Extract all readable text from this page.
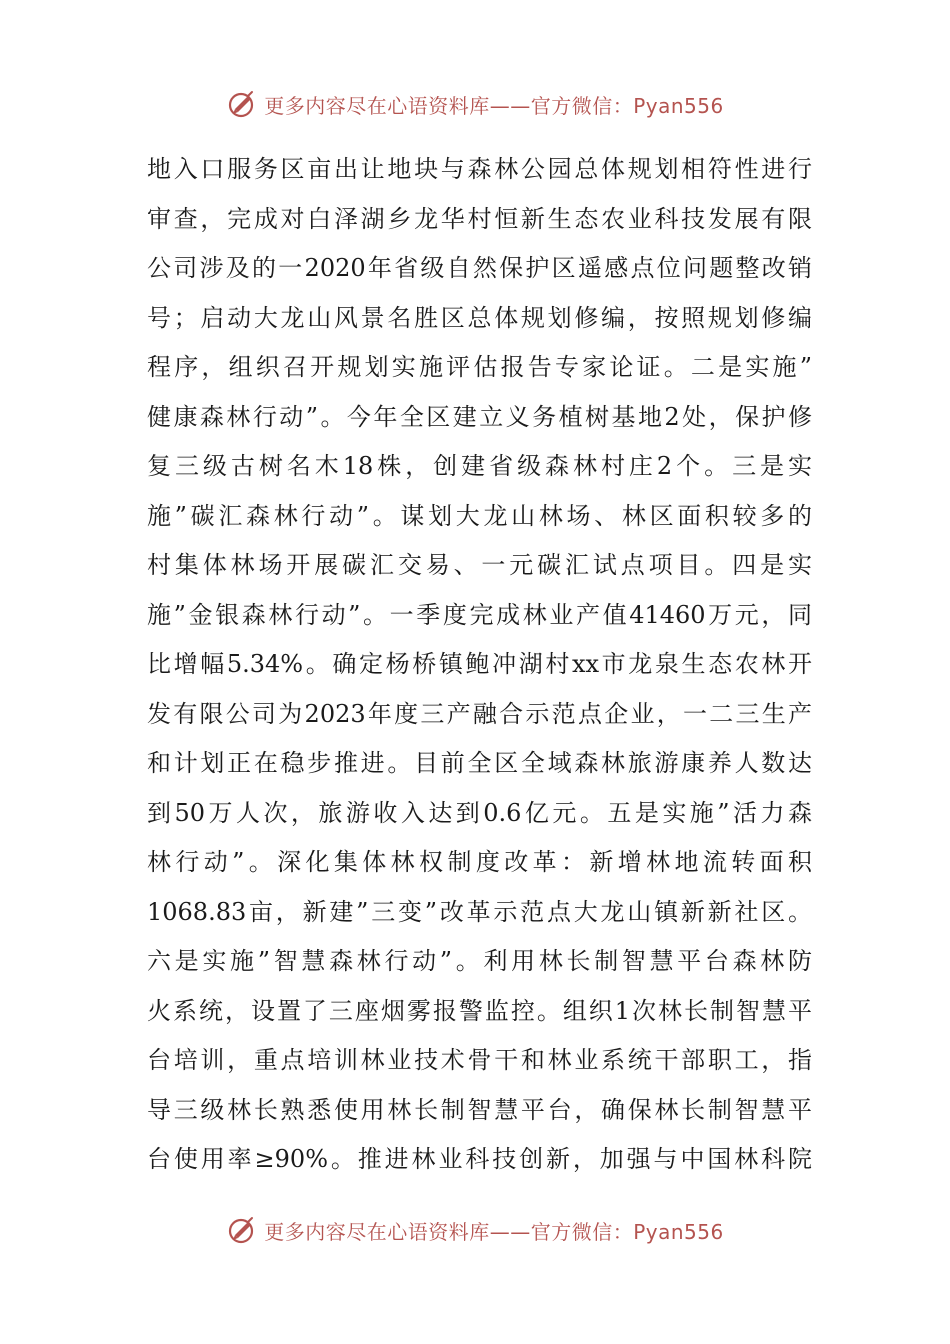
更多内容尽在心语资料库——官方微信：Pyan556
地入口服务区亩出让地块与森林公园总体规划相符性进行
审查，完成对白泽湖乡龙华村恒新生态农业科技发展有限
公司涉及的一2020年省级自然保护区遥感点位问题整改销
号；启动大龙山风景名胜区总体规划修编，按照规划修编
程序，组织召开规划实施评估报告专家论证。二是实施”
健康森林行动”。今年全区建立义务植树基地2处，保护修
复三级古树名木18株，创建省级森林村庄2个。三是实
施”碳汇森林行动”。谋划大龙山林场、林区面积较多的
村集体林场开展碳汇交易、一元碳汇试点项目。四是实
施”金银森林行动”。一季度完成林业产值41460万元，同
比增幅5.34%。确定杨桥镇鲍冲湖村xx市龙泉生态农林开
发有限公司为2023年度三产融合示范点企业，一二三生产
和计划正在稳步推进。目前全区全域森林旅游康养人数达
到50万人次，旅游收入达到0.6亿元。五是实施”活力森
林行动”。深化集体林权制度改革：新增林地流转面积
1068.83亩，新建”三变”改革示范点大龙山镇新新社区。
六是实施”智慧森林行动”。利用林长制智慧平台森林防
火系统，设置了三座烟雾报警监控。组织1次林长制智慧平
台培训，重点培训林业技术骨干和林业系统干部职工，指
导三级林长熟悉使用林长制智慧平台，确保林长制智慧平
台使用率≥90%。推进林业科技创新，加强与中国林科院
更多内容尽在心语资料库——官方微信：Pyan556
